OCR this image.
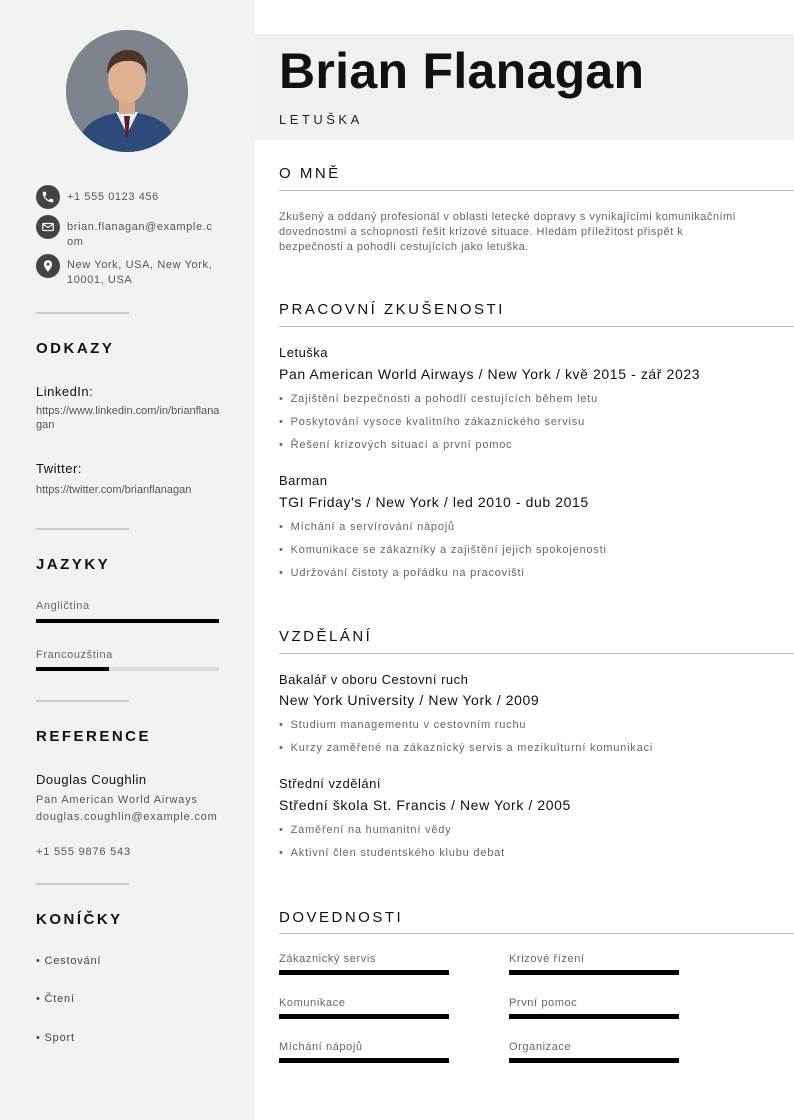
+1 555 0123 456
brian.flanagan@example.com
New York, USA, New York, 10001, USA
ODKAZY
LinkedIn:
https://www.linkedin.com/in/brianflanagan
Twitter:
https://twitter.com/brianflanagan
JAZYKY
Angličtina
Francouzština
REFERENCE
Douglas Coughlin
Pan American World Airways
douglas.coughlin@example.com
+1 555 9876 543
KONÍČKY
• Cestování
• Čtení
• Sport
Brian Flanagan
LETUŠKA
O MNĚ
Zkušený a oddaný profesionál v oblasti letecké dopravy s vynikajícími komunikačními dovednostmi a schopností řešit krizové situace. Hledám příležitost přispět k bezpečnosti a pohodlí cestujících jako letuška.
PRACOVNÍ ZKUŠENOSTI
Letuška
Pan American World Airways / New York / kvě 2015 - zář 2023
• Zajištění bezpečnosti a pohodlí cestujících během letu
• Poskytování vysoce kvalitního zákaznického servisu
• Řešení krizových situací a první pomoc
Barman
TGI Friday's / New York / led 2010 - dub 2015
• Míchání a servírování nápojů
• Komunikace se zákazníky a zajištění jejich spokojenosti
• Udržování čistoty a pořádku na pracovišti
VZDĚLÁNÍ
Bakalář v oboru Cestovní ruch
New York University / New York / 2009
• Studium managementu v cestovním ruchu
• Kurzy zaměřené na zákaznický servis a mezikulturní komunikaci
Střední vzdělání
Střední škola St. Francis / New York / 2005
• Zaměření na humanitní vědy
• Aktivní člen studentského klubu debat
DOVEDNOSTI
Zákaznický servis	Krizové řízení
Komunikace	První pomoc
Míchání nápojů	Organizace
